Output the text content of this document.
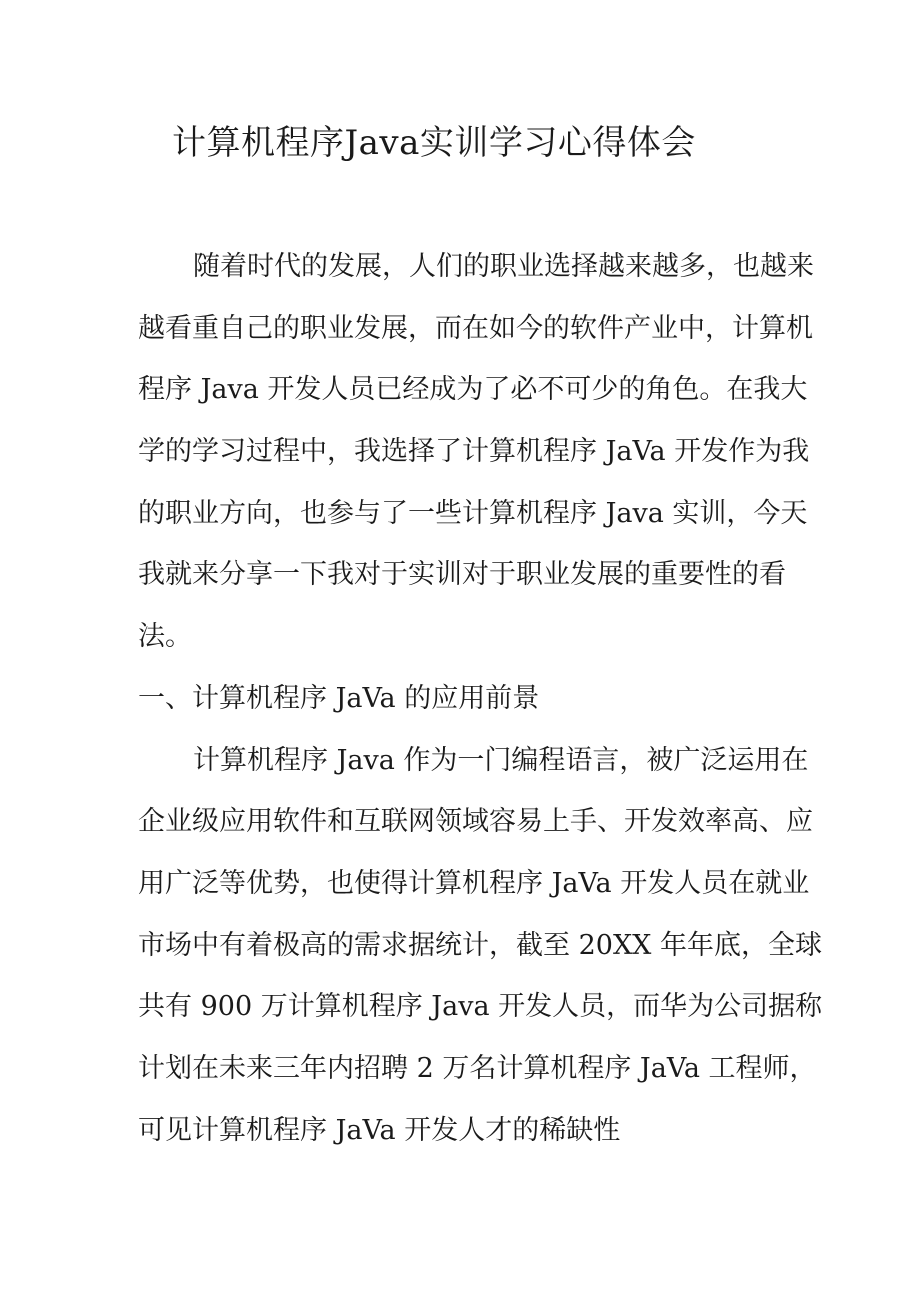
计算机程序Java实训学习心得体会
随着时代的发展，人们的职业选择越来越多，也越来
越看重自己的职业发展，而在如今的软件产业中，计算机
程序 Java 开发人员已经成为了必不可少的角色。在我大
学的学习过程中，我选择了计算机程序 JaVa 开发作为我
的职业方向，也参与了一些计算机程序 Java 实训，今天
我就来分享一下我对于实训对于职业发展的重要性的看
法。
一、计算机程序 JaVa 的应用前景
计算机程序 Java 作为一门编程语言，被广泛运用在
企业级应用软件和互联网领域容易上手、开发效率高、应
用广泛等优势，也使得计算机程序 JaVa 开发人员在就业
市场中有着极高的需求据统计，截至 20XX 年年底，全球
共有 900 万计算机程序 Java 开发人员，而华为公司据称
计划在未来三年内招聘 2 万名计算机程序 JaVa 工程师，
可见计算机程序 JaVa 开发人才的稀缺性
